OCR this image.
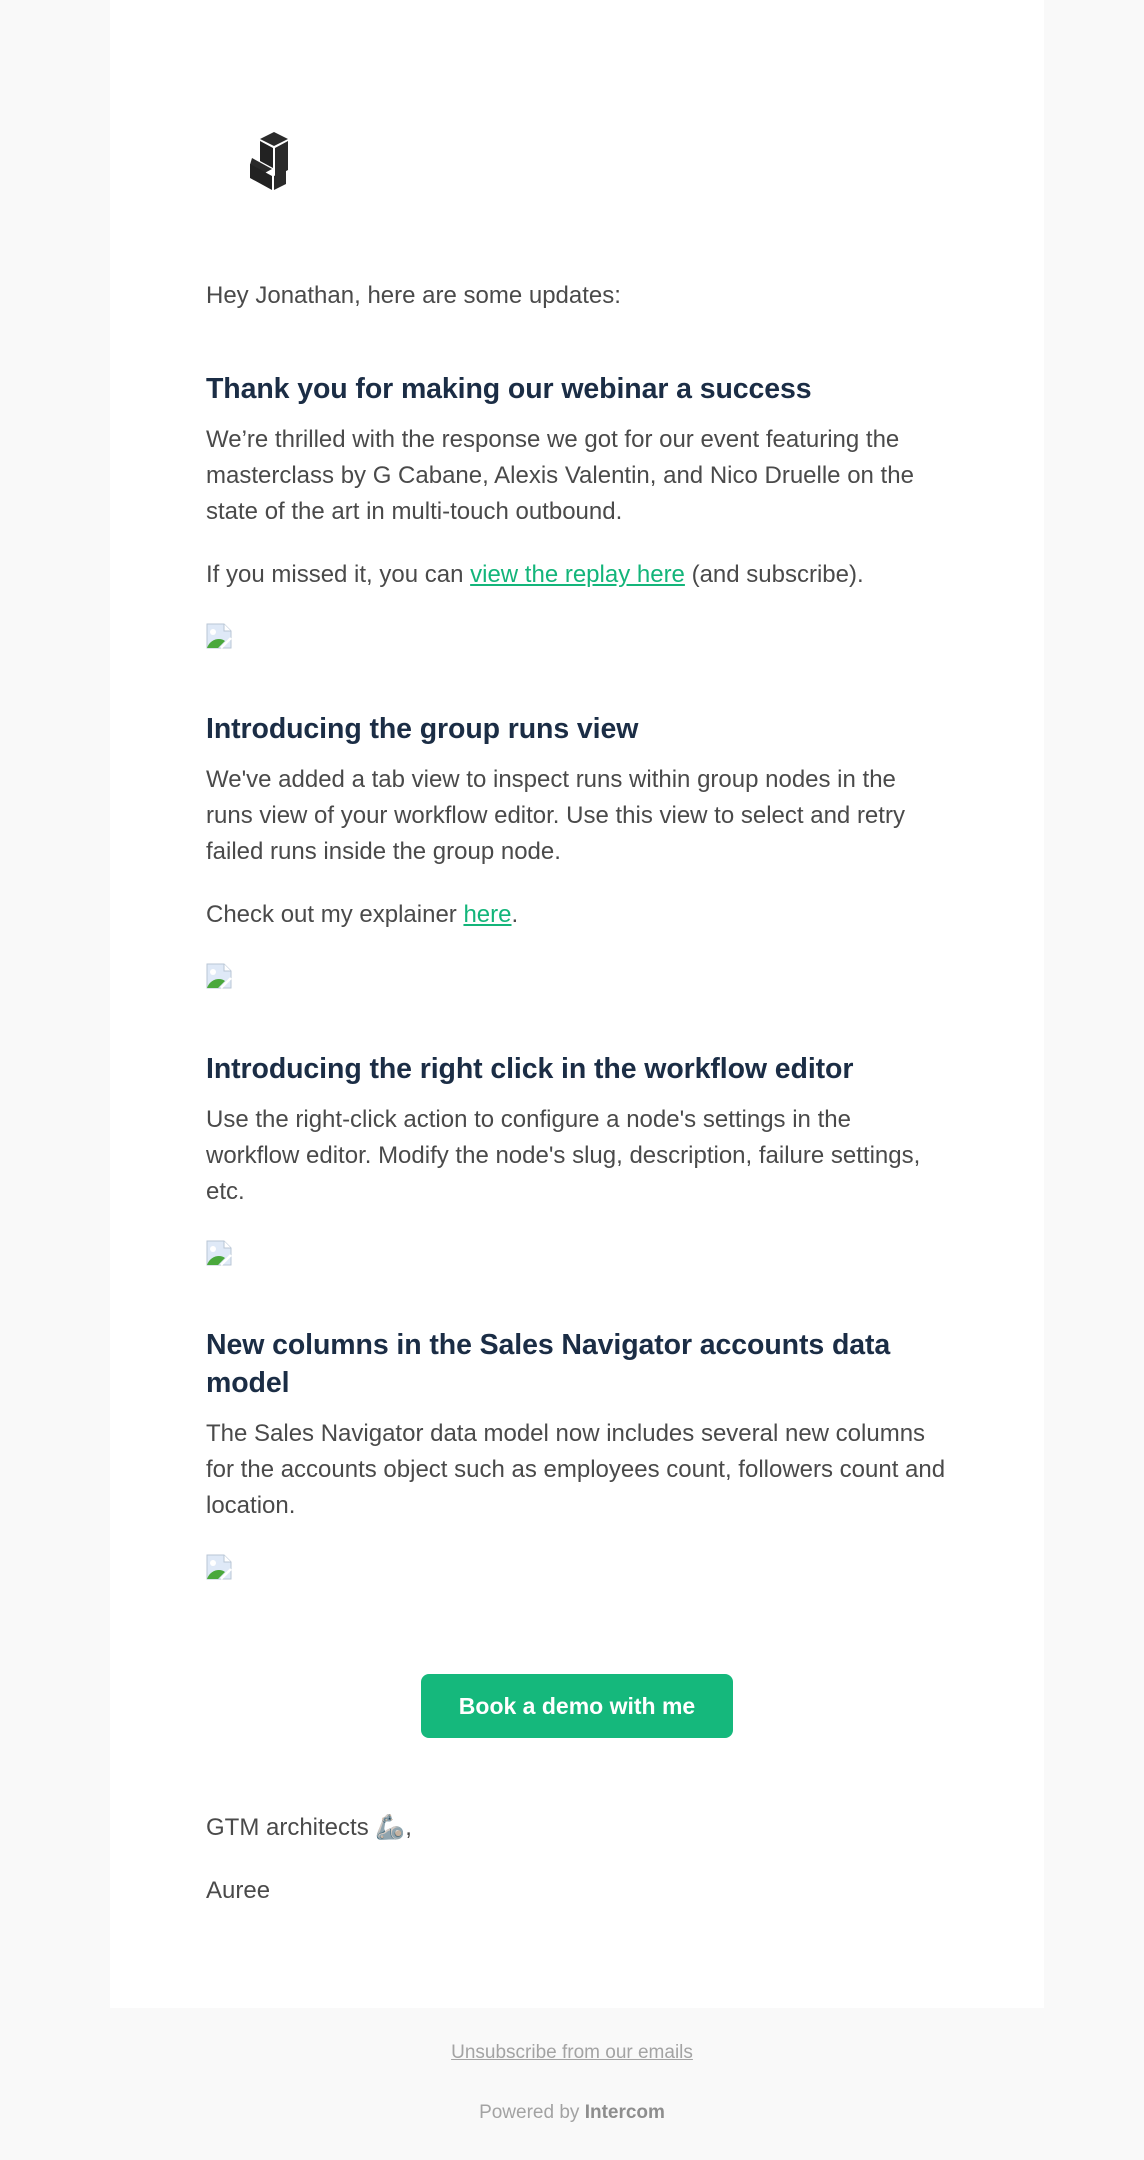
Hey Jonathan, here are some updates:

Thank you for making our webinar a success

We’re thrilled with the response we got for our event featuring the masterclass by G Cabane, Alexis Valentin, and Nico Druelle on the state of the art in multi-touch outbound.

If you missed it, you can view the replay here (and subscribe).

Introducing the group runs view

We've added a tab view to inspect runs within group nodes in the runs view of your workflow editor. Use this view to select and retry failed runs inside the group node.

Check out my explainer here.

Introducing the right click in the workflow editor

Use the right-click action to configure a node's settings in the workflow editor. Modify the node's slug, description, failure settings, etc.

New columns in the Sales Navigator accounts data model

The Sales Navigator data model now includes several new columns for the accounts object such as employees count, followers count and location.

GTM architects 🦾,

Auree

Book a demo with me
Unsubscribe from our emails
Powered by Intercom
